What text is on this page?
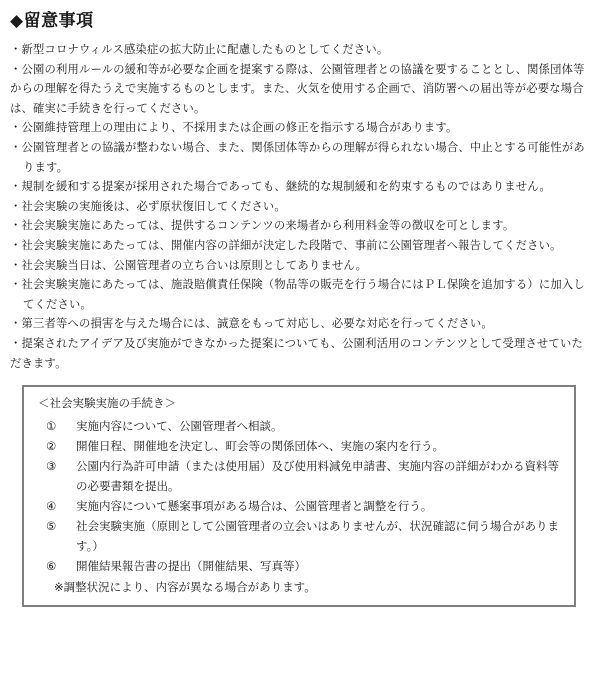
◆留意事項
・新型コロナウィルス感染症の拡大防止に配慮したものとしてください。
・公園の利用ルールの緩和等が必要な企画を提案する際は、公園管理者との協議を要することとし、関係団体等からの理解を得たうえで実施するものとします。また、火気を使用する企画で、消防署への届出等が必要な場合は、確実に手続きを行ってください。
・公園維持管理上の理由により、不採用または企画の修正を指示する場合があります。
・公園管理者との協議が整わない場合、また、関係団体等からの理解が得られない場合、中止とする可能性があります。
・規制を緩和する提案が採用された場合であっても、継続的な規制緩和を約束するものではありません。
・社会実験の実施後は、必ず原状復旧してください。
・社会実験実施にあたっては、提供するコンテンツの来場者から利用料金等の徴収を可とします。
・社会実験実施にあたっては、開催内容の詳細が決定した段階で、事前に公園管理者へ報告してください。
・社会実験当日は、公園管理者の立ち合いは原則としてありません。
・社会実験実施にあたっては、施設賠償責任保険（物品等の販売を行う場合にはＰＬ保険を追加する）に加入してください。
・第三者等への損害を与えた場合には、誠意をもって対応し、必要な対応を行ってください。
・提案されたアイデア及び実施ができなかった提案についても、公園利活用のコンテンツとして受理させていただきます。
＜社会実験実施の手続き＞
①	実施内容について、公園管理者へ相談。
②	開催日程、開催地を決定し、町会等の関係団体へ、実施の案内を行う。
③	公園内行為許可申請（または使用届）及び使用料減免申請書、実施内容の詳細がわかる資料等の必要書類を提出。
④	実施内容について懸案事項がある場合は、公園管理者と調整を行う。
⑤	社会実験実施（原則として公園管理者の立会いはありませんが、状況確認に伺う場合があります。）
⑥	開催結果報告書の提出（開催結果、写真等）
※調整状況により、内容が異なる場合があります。
